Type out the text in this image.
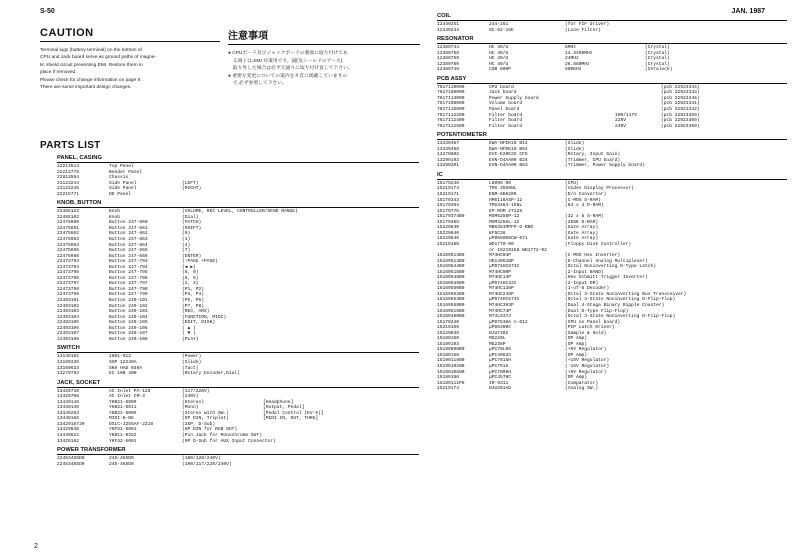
S-50	JAN. 1987
CAUTION

Terminal lugs (battery terminal) on the bottom of
CPU and Jack board serve as ground paths of magne-
tic shield circuit preventing EMI. Restore them in
place if removed.
Please check for change information on page 8 .
There are some important design changes.

注意事項

● CPUボード及びジャックボードの裏面に取り付けてあ
　る端子は,EMI 対策用です。(磁気シールドのアース)
　取り外した場合は必ず元通りに取り付け直して下さい。
● 重要な変更についての案内を８頁に掲載していますの
　で,必ず参照して下さい。

PARTS LIST
PANEL, CASING
22213514	Top Panel
22213778	Bender Panel
22813554	Chassis
21123244	Side Panel	(LEFT)
21123245	Side Panel	(RIGHT)
22215771	DD Panel
KNOB, BUTTON
22485122	Knob	(VOLUME, REC LEVEL, CONTROLLER/SEND RANGE)
22485102	Knob	(Dial)
22475660	Button 247-660	(PATCH)
22475661	Button 247-661	(SHIFT)
22475662	Button 247-662	(0)
22475663	Button 247-663	(1)
22475664	Button 247-664	(4)
22475665	Button 247-665	(7)
22475666	Button 247-666	(ENTER)
22473793	Button 247-793	(-PAGE +PAGE)
22473794	Button 247-794	(◀ ▶)
22473795	Button 247-795	(8, 9)
22473796	Button 247-796	(5, 6)
22473797	Button 247-797	(2, 3)
22473798	Button 247-798	(P1, P2)
22473799	Button 247-799	(P3, P4)
22493101	Button 249-101	(P5, P6)
22493102	Button 249-102	(P7, P8)
22493103	Button 249-103	(REC, ARX)
22493104	Button 249-104	(FUNCTION, MIDI)
22493105	Button 249-105	(EDIT, DISK)
22493106	Button 249-106	( ▲ )
22493107	Button 249-107	( ▼ )
22493108	Button 249-108	(PLAY)
SWITCH
13149102	1801-012	(Power)
13159335	SSP 12240A	(Slide)
13169633	SKH HAD 039A	(Tact)
13279792	EC 16B 40N	(Rotary Encoder,Dial)
JACK, SOCKET
13429710	AC Inlet PA-126	(117/220V)
13429708	AC Inlet CM-3	(240V)
13449148	YKB21-5009	(Stereo)	[Headphone]
13449149	YKB21-5011	(Mono)	[Output, Pedal]
13449263	YKB21-5005	(Stereo with SW.)	[Pedal Control (EV-5)]
13449168	MIDI-8-N5	(5P DIN, Triplet)	[MIDI IN, OUT, THRU]
13429167J0	DSLC-J255AF-2Z18	(25P, D-Sub)
13429648	YKF51-5001	(8P DIN for RGB OUT)
13449622	YKB11-0252	(Pin Jack for Monochrome OUT)
13429182	YKF42-5001	(9P D-Sub for AUX Input Connector)
POWER TRANSFORMER
22453455D0	245-455D0	(100/120/240V)
22453465D0	245-465D0	(100/117/220/240V)
COIL
12449251	244-251	(for FIF driver)
12449244	SC-02-15E	(Line Filter)
RESONATOR
12389744	HC 49/U	8MHz	(Crystal)
12389758	HC 49/U	14.3496MHz	(Crystal)
12389759	HC 49/U	24MHz	(Crystal)
12389760	HC 49/U	26.880MHz	(Crystal)
12389748	CSB 600P	600KHz	(Ceralock)
PCB ASSY
7617110000	CPU board	(pcb 22923344)
7617108000	Jack board	(pcb 22923343)
7617113000	Power Supply board	(pcb 22923346)
7617108000	Volume board	(pcb 22923341)
7617115000	Panel board	(pcb 22923342)
7617112200	Filter board	100/117V	(pcb 22923369)
7617112400	Filter board	220V	(pcb 22923369)
7617112500	Filter board	240V	(pcb 22923369)
POTENTIOMETER
13339467	EWA-NFEK10 B14	(Slide)
13339468	EWA-NFEK10 B54	(Slide)
13279802	EVI-E20E25 CF5	(Rotary, Input Gain)
13299193	EVN-D4AA00 B24	(Trimmer, CPU board)
13299201	EVN-D4AA00 B53	(Trimmer, Power Supply board)
IC
15179246	L8095-90	(CPU)
15219173	TMS 3556NL	(Video Display Processor)
15219171	ENR-8D6209	(D/A Converter)
15179343	HM6116ASP-12	(C-MOS S-RAM)
15179364	TMS4464-15NL	(64 x 4 D-RAM)
15179775	EP-ROM 27128
15179374B0	MSM5256P-12	(32 x 8 S-RAM)
15179365	MSM4256L-12	(256K D-RAM)
15229830	MB6381MPFP-G-BND	(Gate Array)
15229840	KF5C36	(Gate Array)
15229846	μPD65006CW-071	(Gate Array)
15219180	WD1770-00	(Floppy Disk Controller)
or 15219158 WD1772-02
15169514B0	M74HC04P	(C-MOS Hex Inverter)
15169513B0	HD14051BP	(8-Channel Analog Multiplexer)
15169544B0	μPD74HC573C	(Octal Noninverting D-Type Latch)
15169515B0	M74HC00P	(2-Input NAND)
15169548B0	M74HC14P	(Hex Schmitt Trigger Inverter)
15169549B0	μPD74HC32C	(2-Input OR)
15169550B0	M74HC138P	(1-of-8 Decoder)
15169552B0	M74HC245P	(Octal 3-State Noninverting Bus Transceiver)
15169553B0	μPD74HC574C	(Octal 3-State Noninverting D-Flip-Flop)
15169558B0	M74HC393P	(Dual 4-Stage Binary Ripple Counter)
15169515B0	M74HC74P	(Dual D-Type Flip-Flop)
15169360B0	M74LS374	(Octal 3-State Noninverting D-Flip-Flop)
15179240	μPD7538A A-012	(CPU on Panel board)
15219159	μPD6300C	(PIP Latch Driver)
15229836	NJU7302	(Sample & Hold)
15189150	M5220L	(OP Amp)
15189193	M5238P	(OP Amp)
15199098B0	μPC78L05	(+5V Regulator)
15189158	μPC4082C	(OP Amp)
15199118N0	μPC7815H	(+15V Regulator)
15199102N0	μPC7915	(-15V Regulator)
15199106N0	μPC7805H	(+5V Regulator)
15189186	μPC4570C	(OP Amp)
15189111P0	IR-9311	(Comparator)
15219174	NJU201AD	(Analog SW.)
2
